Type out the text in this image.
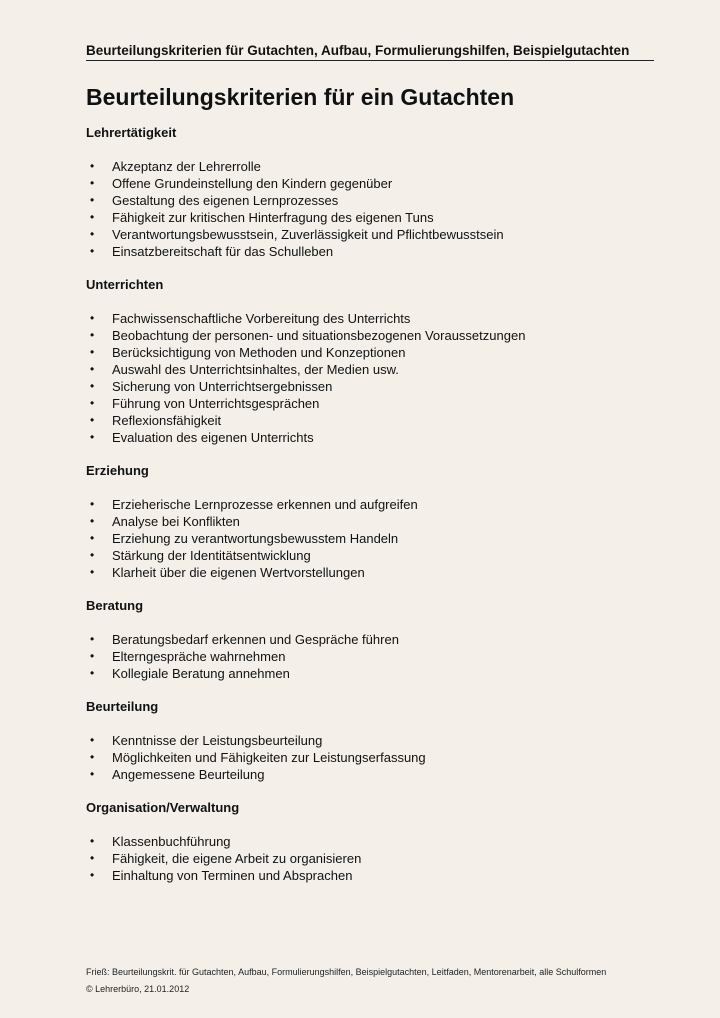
Beurteilungskriterien für Gutachten, Aufbau, Formulierungshilfen, Beispielgutachten
Beurteilungskriterien für ein Gutachten
Lehrertätigkeit
• Akzeptanz der Lehrerrolle
• Offene Grundeinstellung den Kindern gegenüber
• Gestaltung des eigenen Lernprozesses
• Fähigkeit zur kritischen Hinterfragung des eigenen Tuns
• Verantwortungsbewusstsein, Zuverlässigkeit und Pflichtbewusstsein
• Einsatzbereitschaft für das Schulleben
Unterrichten
• Fachwissenschaftliche Vorbereitung des Unterrichts
• Beobachtung der personen- und situationsbezogenen Voraussetzungen
• Berücksichtigung von Methoden und Konzeptionen
• Auswahl des Unterrichtsinhaltes, der Medien usw.
• Sicherung von Unterrichtsergebnissen
• Führung von Unterrichtsgesprächen
• Reflexionsfähigkeit
• Evaluation des eigenen Unterrichts
Erziehung
• Erzieherische Lernprozesse erkennen und aufgreifen
• Analyse bei Konflikten
• Erziehung zu verantwortungsbewusstem Handeln
• Stärkung der Identitätsentwicklung
• Klarheit über die eigenen Wertvorstellungen
Beratung
• Beratungsbedarf erkennen und Gespräche führen
• Elterngespräche wahrnehmen
• Kollegiale Beratung annehmen
Beurteilung
• Kenntnisse der Leistungsbeurteilung
• Möglichkeiten und Fähigkeiten zur Leistungserfassung
• Angemessene Beurteilung
Organisation/Verwaltung
• Klassenbuchführung
• Fähigkeit, die eigene Arbeit zu organisieren
• Einhaltung von Terminen und Absprachen
Frieß: Beurteilungskrit. für Gutachten, Aufbau, Formulierungshilfen, Beispielgutachten, Leitfaden, Mentorenarbeit, alle Schulformen
© Lehrerbüro, 21.01.2012
